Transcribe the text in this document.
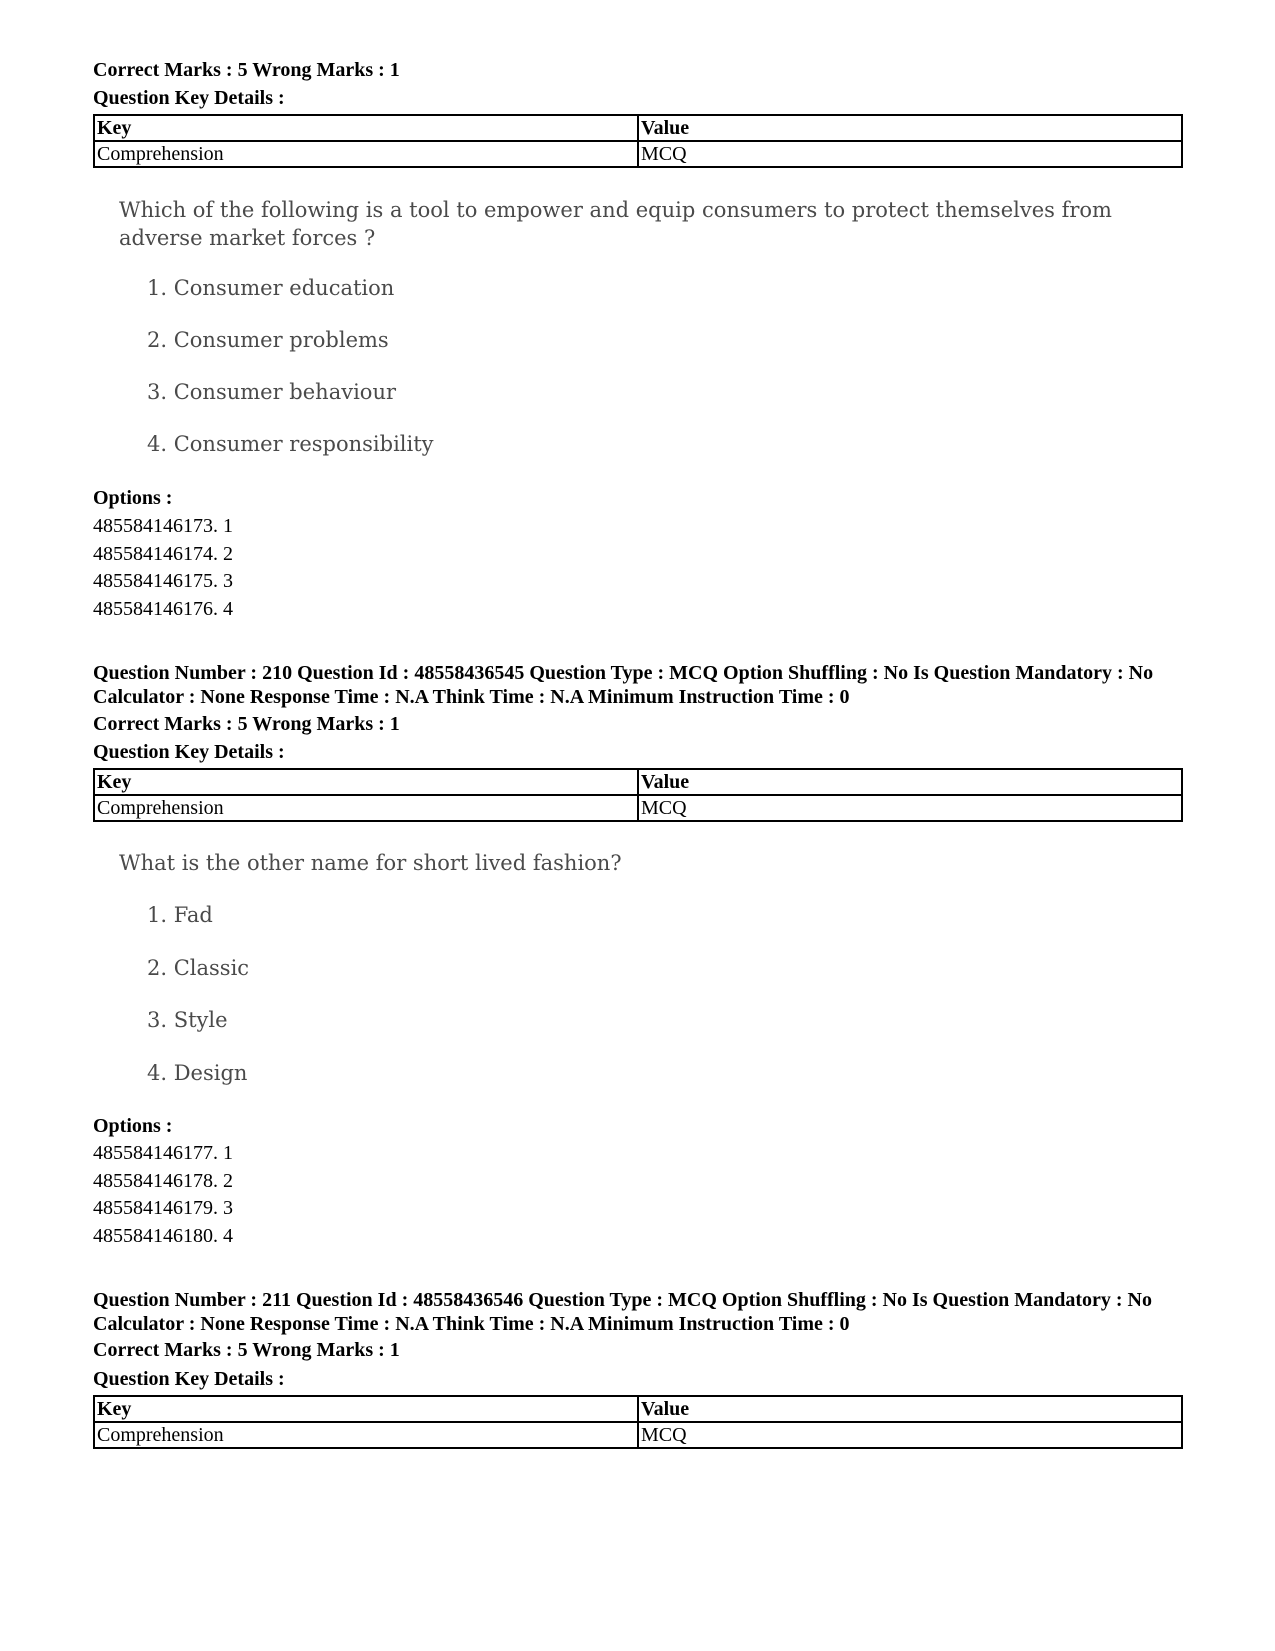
Correct Marks : 5 Wrong Marks : 1
Question Key Details :
Key	Value
Comprehension	MCQ
Which of the following is a tool to empower and equip consumers to protect themselves from adverse market forces ?
1. Consumer education
2. Consumer problems
3. Consumer behaviour
4. Consumer responsibility
Options :
485584146173. 1
485584146174. 2
485584146175. 3
485584146176. 4
Question Number : 210 Question Id : 48558436545 Question Type : MCQ Option Shuffling : No Is Question Mandatory : No Calculator : None Response Time : N.A Think Time : N.A Minimum Instruction Time : 0
Correct Marks : 5 Wrong Marks : 1
Question Key Details :
Key	Value
Comprehension	MCQ
What is the other name for short lived fashion?
1. Fad
2. Classic
3. Style
4. Design
Options :
485584146177. 1
485584146178. 2
485584146179. 3
485584146180. 4
Question Number : 211 Question Id : 48558436546 Question Type : MCQ Option Shuffling : No Is Question Mandatory : No Calculator : None Response Time : N.A Think Time : N.A Minimum Instruction Time : 0
Correct Marks : 5 Wrong Marks : 1
Question Key Details :
Key	Value
Comprehension	MCQ
